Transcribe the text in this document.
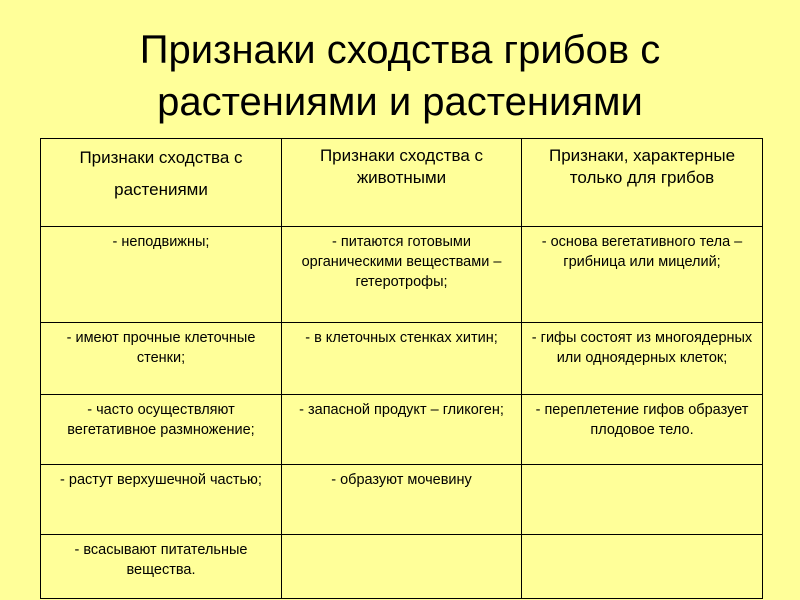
Признаки сходства грибов с
растениями и растениями
Признаки сходства с растениями	Признаки сходства с животными	Признаки, характерные только для грибов
- неподвижны;	- питаются готовыми органическими веществами – гетеротрофы;	- основа вегетативного тела – грибница или мицелий;
- имеют прочные клеточные стенки;	- в клеточных стенках хитин;	- гифы состоят из многоядерных или одноядерных клеток;
- часто осуществляют вегетативное размножение;	- запасной продукт – гликоген;	- переплетение гифов образует плодовое тело.
- растут верхушечной частью;	- образуют мочевину	
- всасывают питательные вещества.		
